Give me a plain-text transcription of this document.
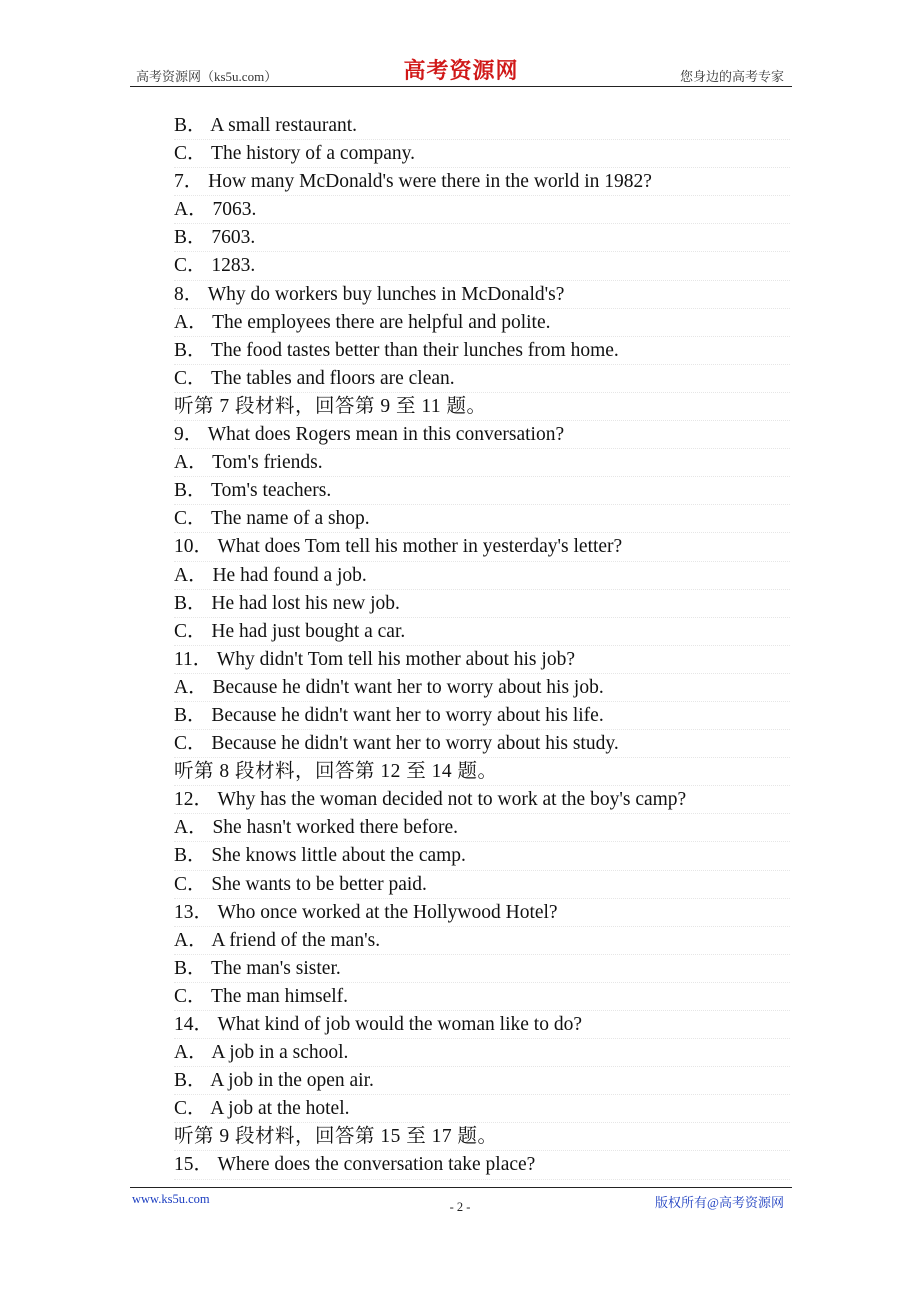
高考资源网（ks5u.com）	高考资源网	您身边的高考专家
B． A small restaurant.
C． The history of a company.
7． How many McDonald's were there in the world in 1982?
A． 7063.
B． 7603.
C． 1283.
8． Why do workers buy lunches in McDonald's?
A． The employees there are helpful and polite.
B． The food tastes better than their lunches from home.
C． The tables and floors are clean.
听第 7 段材料，回答第 9 至 11 题。
9． What does Rogers mean in this conversation?
A． Tom's friends.
B． Tom's teachers.
C． The name of a shop.
10． What does Tom tell his mother in yesterday's letter?
A． He had found a job.
B． He had lost his new job.
C． He had just bought a car.
11． Why didn't Tom tell his mother about his job?
A． Because he didn't want her to worry about his job.
B． Because he didn't want her to worry about his life.
C． Because he didn't want her to worry about his study.
听第 8 段材料，回答第 12 至 14 题。
12． Why has the woman decided not to work at the boy's camp?
A． She hasn't worked there before.
B． She knows little about the camp.
C． She wants to be better paid.
13． Who once worked at the Hollywood Hotel?
A． A friend of the man's.
B． The man's sister.
C． The man himself.
14． What kind of job would the woman like to do?
A． A job in a school.
B． A job in the open air.
C． A job at the hotel.
听第 9 段材料，回答第 15 至 17 题。
15． Where does the conversation take place?
www.ks5u.com
- 2 -	版权所有@高考资源网
